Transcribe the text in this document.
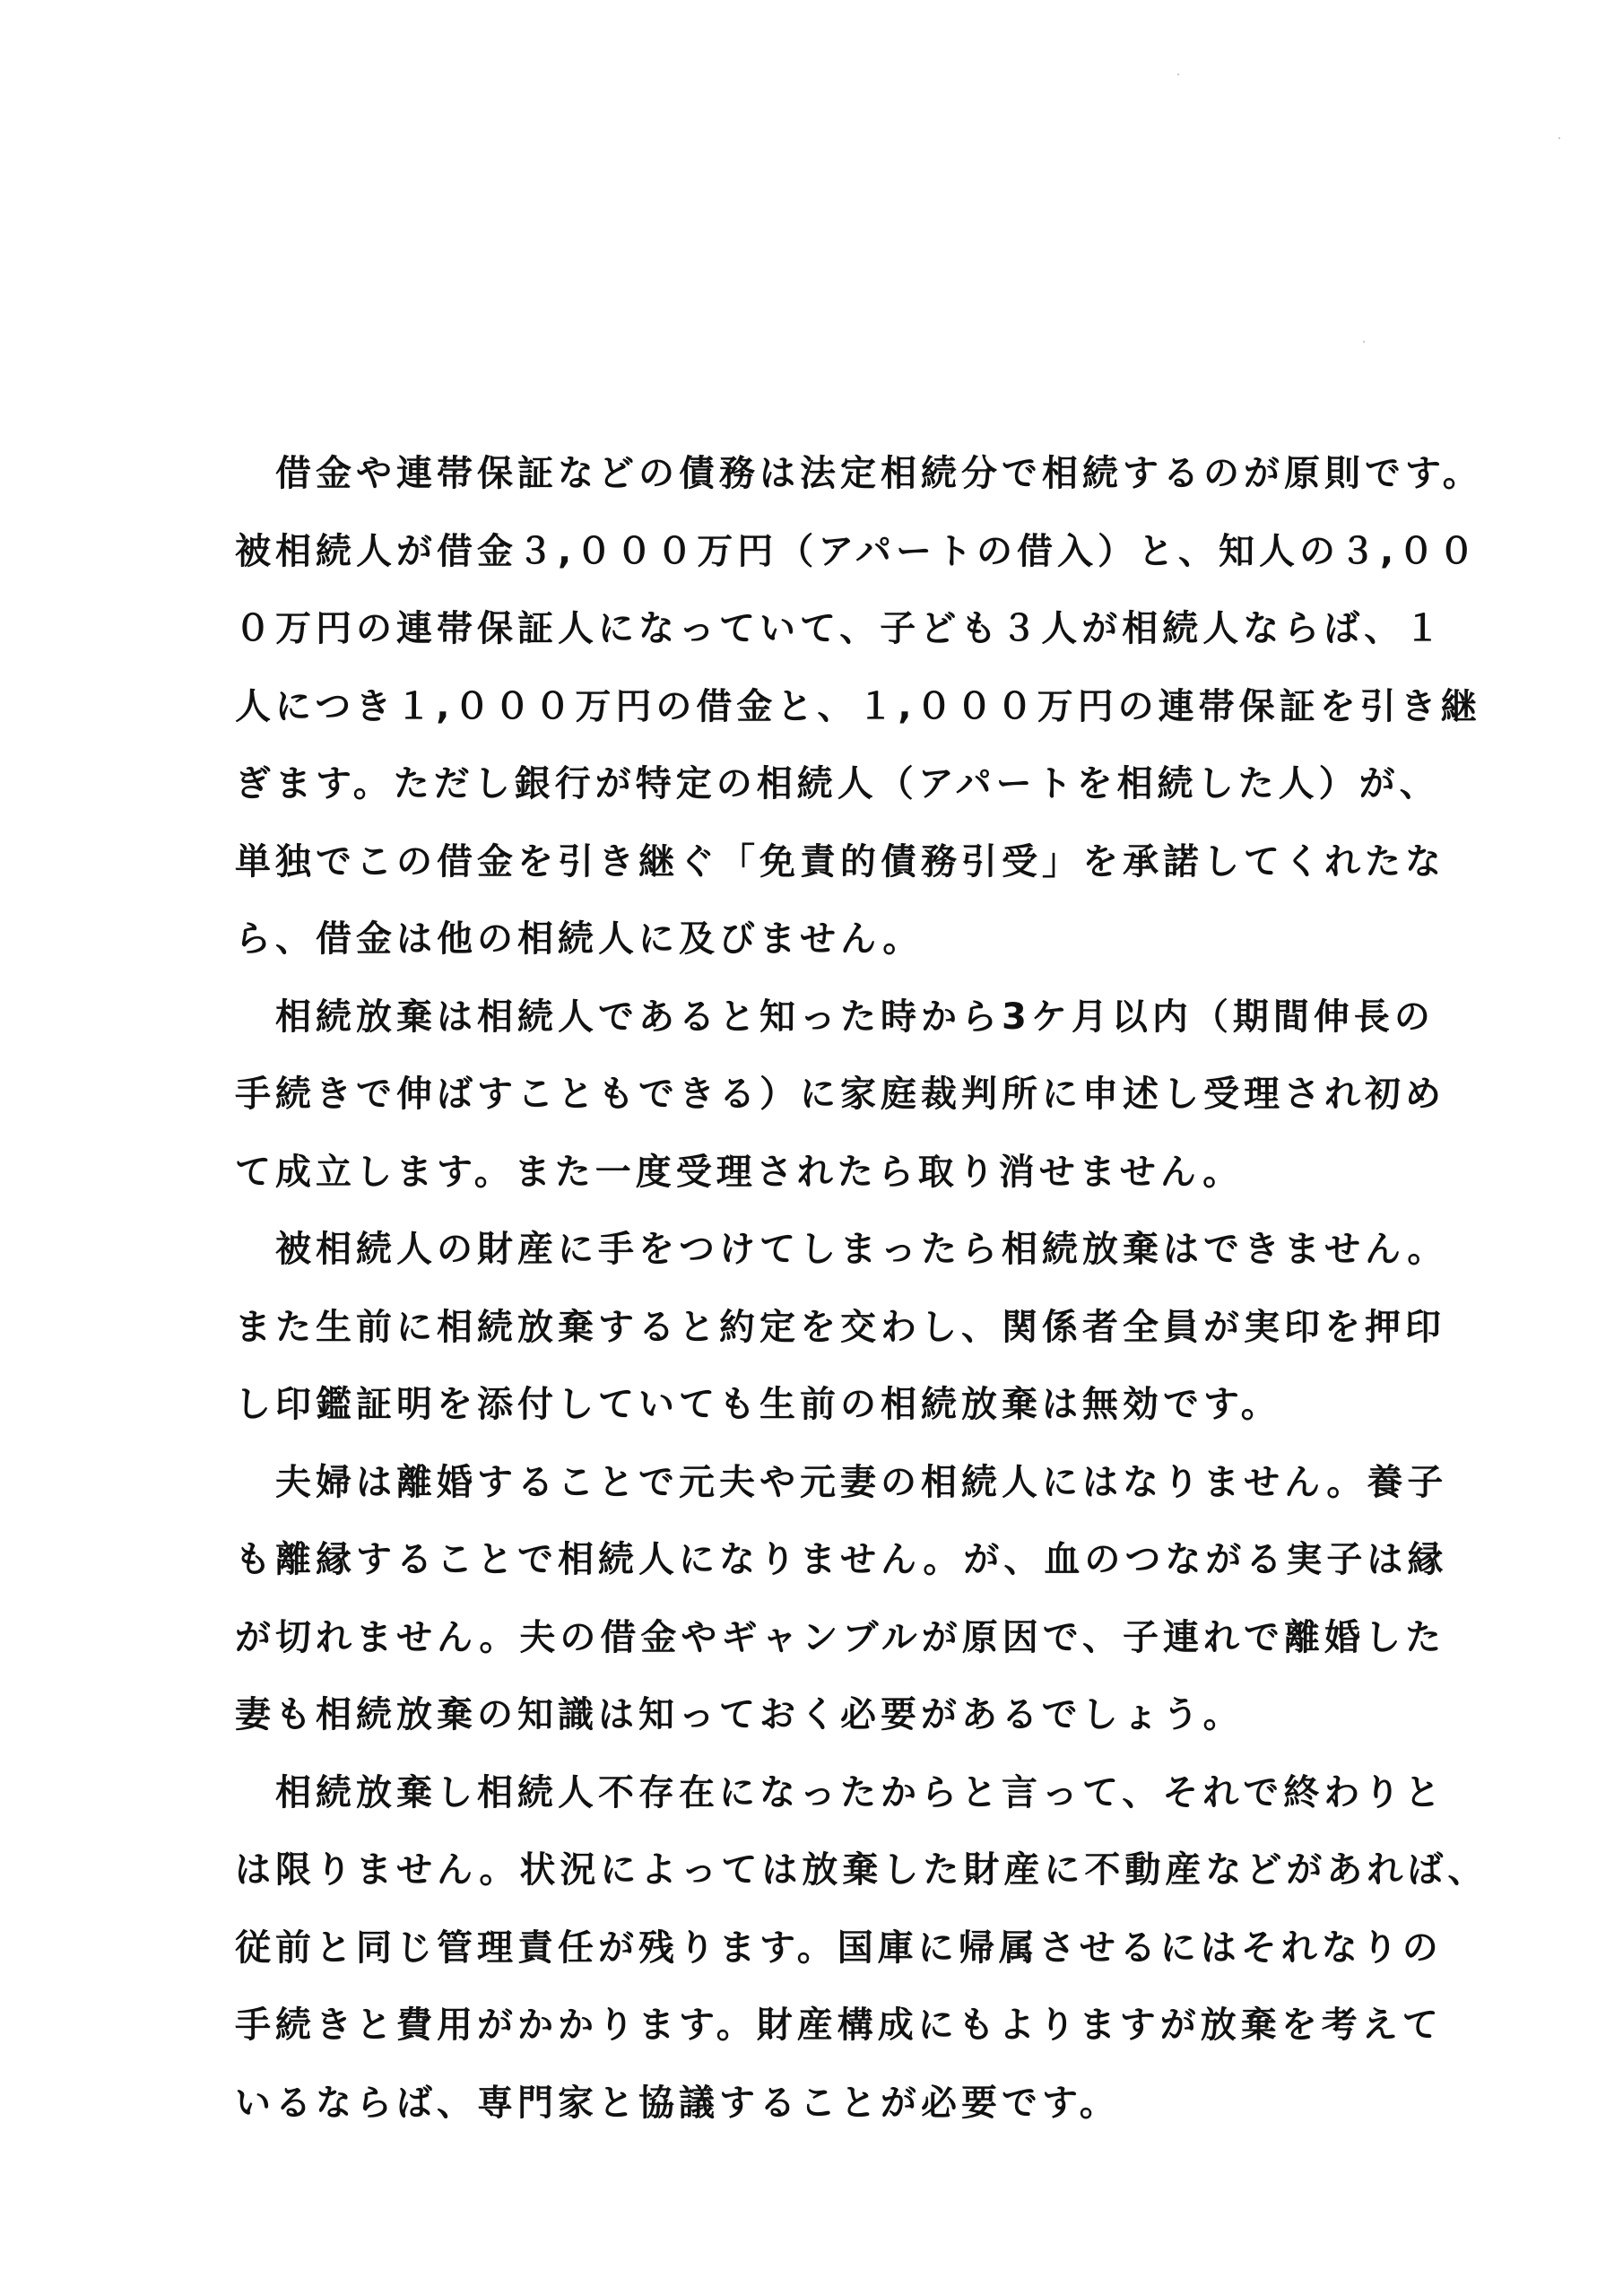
　借金や連帯保証などの債務は法定相続分で相続するのが原則です。
被相続人が借金３,０００万円（アパートの借入）と、知人の３,００
０万円の連帯保証人になっていて、子ども３人が相続人ならば、１
人につき１,０００万円の借金と、１,０００万円の連帯保証を引き継
ぎます。ただし銀行が特定の相続人（アパートを相続した人）が、
単独でこの借金を引き継ぐ「免責的債務引受」を承諾してくれたな
ら、借金は他の相続人に及びません。
　相続放棄は相続人であると知った時から3ケ月以内（期間伸長の
手続きで伸ばすこともできる）に家庭裁判所に申述し受理され初め
て成立します。また一度受理されたら取り消せません。
　被相続人の財産に手をつけてしまったら相続放棄はできません。
また生前に相続放棄すると約定を交わし、関係者全員が実印を押印
し印鑑証明を添付していても生前の相続放棄は無効です。
　夫婦は離婚することで元夫や元妻の相続人にはなりません。養子
も離縁することで相続人になりません。が、血のつながる実子は縁
が切れません。夫の借金やギャンブルが原因で、子連れで離婚した
妻も相続放棄の知識は知っておく必要があるでしょう。
　相続放棄し相続人不存在になったからと言って、それで終わりと
は限りません。状況によっては放棄した財産に不動産などがあれば、
従前と同じ管理責任が残ります。国庫に帰属させるにはそれなりの
手続きと費用がかかります。財産構成にもよりますが放棄を考えて
いるならば、専門家と協議することが必要です。
